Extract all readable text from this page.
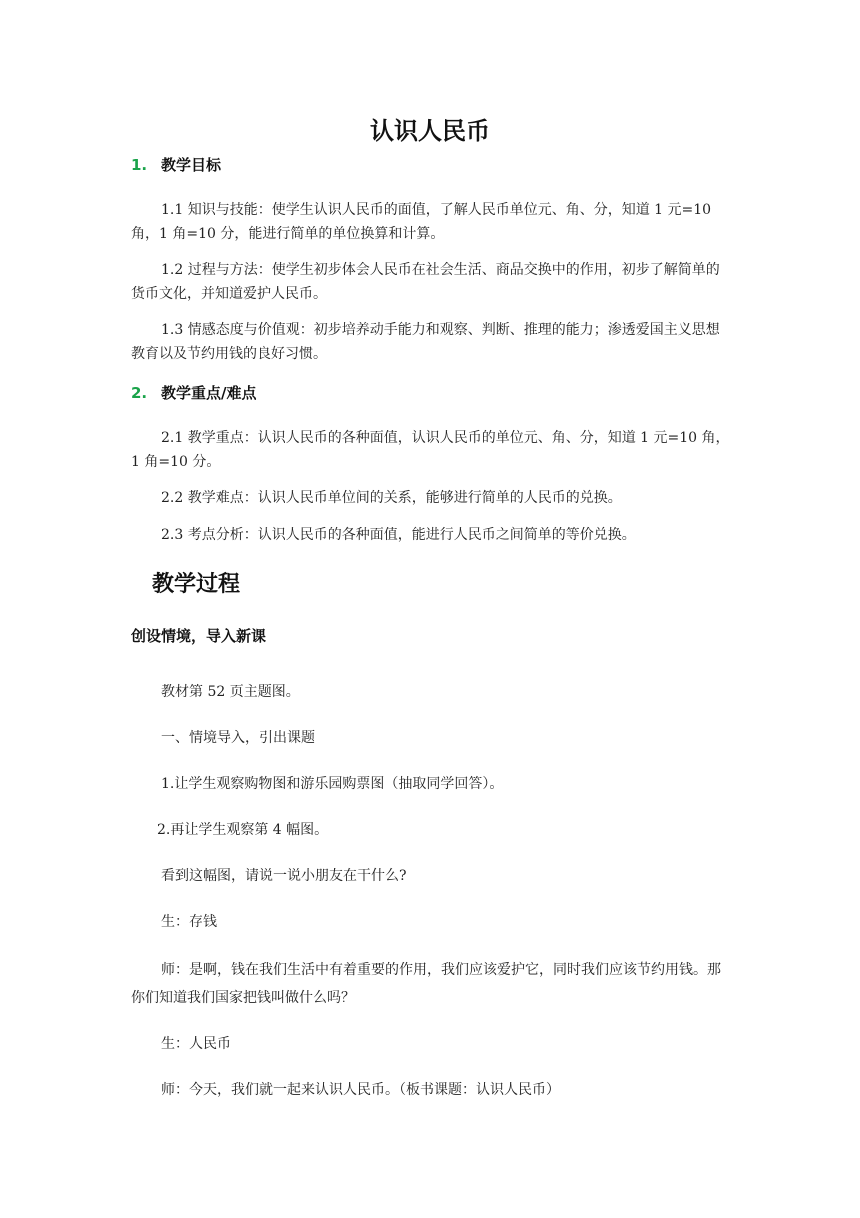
认识人民币
1. 教学目标
1.1 知识与技能：使学生认识人民币的面值，了解人民币单位元、角、分，知道 1 元=10 角，1 角=10 分，能进行简单的单位换算和计算。
1.2 过程与方法：使学生初步体会人民币在社会生活、商品交换中的作用，初步了解简单的货币文化，并知道爱护人民币。
1.3 情感态度与价值观：初步培养动手能力和观察、判断、推理的能力；渗透爱国主义思想教育以及节约用钱的良好习惯。
2. 教学重点/难点
2.1 教学重点：认识人民币的各种面值，认识人民币的单位元、角、分，知道 1 元=10 角，1 角=10 分。
2.2 教学难点：认识人民币单位间的关系，能够进行简单的人民币的兑换。
2.3 考点分析：认识人民币的各种面值，能进行人民币之间简单的等价兑换。
教学过程
创设情境，导入新课
教材第 52 页主题图。
一、情境导入，引出课题
1.让学生观察购物图和游乐园购票图（抽取同学回答）。
2.再让学生观察第 4 幅图。
看到这幅图，请说一说小朋友在干什么?
生：存钱
师：是啊，钱在我们生活中有着重要的作用，我们应该爱护它，同时我们应该节约用钱。那你们知道我们国家把钱叫做什么吗？
生：人民币
师：今天，我们就一起来认识人民币。（板书课题：认识人民币）
